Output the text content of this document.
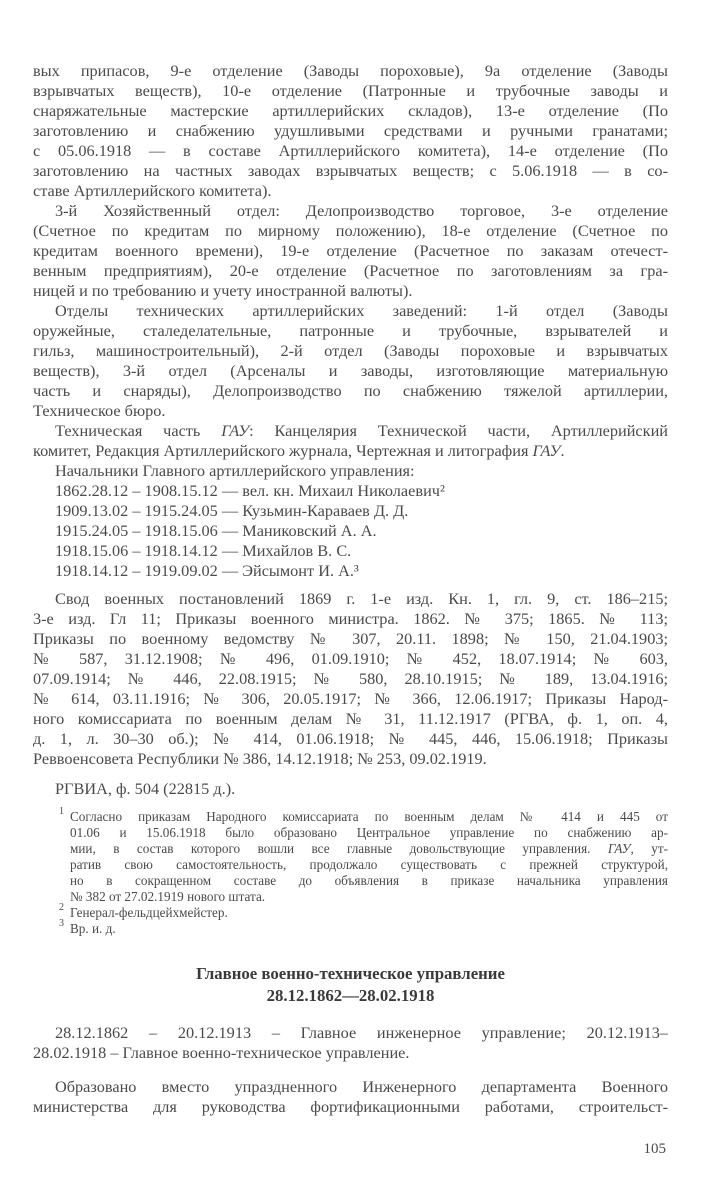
вых припасов, 9-е отделение (Заводы пороховые), 9а отделение (Заводы
взрывчатых веществ), 10-е отделение (Патронные и трубочные заводы и
снаряжательные мастерские артиллерийских складов), 13-е отделение (По
заготовлению и снабжению удушливыми средствами и ручными гранатами;
с 05.06.1918 — в составе Артиллерийского комитета), 14-е отделение (По
заготовлению на частных заводах взрывчатых веществ; с 5.06.1918 — в со-
ставе Артиллерийского комитета).
3-й Хозяйственный отдел: Делопроизводство торговое, 3-е отделение
(Счетное по кредитам по мирному положению), 18-е отделение (Счетное по
кредитам военного времени), 19-е отделение (Расчетное по заказам отечест-
венным предприятиям), 20-е отделение (Расчетное по заготовлениям за гра-
ницей и по требованию и учету иностранной валюты).
Отделы технических артиллерийских заведений: 1-й отдел (Заводы
оружейные, сталеделательные, патронные и трубочные, взрывателей и
гильз, машиностроительный), 2-й отдел (Заводы пороховые и взрывчатых
веществ), 3-й отдел (Арсеналы и заводы, изготовляющие материальную
часть и снаряды), Делопроизводство по снабжению тяжелой артиллерии,
Техническое бюро.
Техническая часть ГАУ: Канцелярия Технической части, Артиллерийский
комитет, Редакция Артиллерийского журнала, Чертежная и литография ГАУ.
Начальники Главного артиллерийского управления:
1862.28.12 – 1908.15.12 — вел. кн. Михаил Николаевич²
1909.13.02 – 1915.24.05 — Кузьмин-Караваев Д. Д.
1915.24.05 – 1918.15.06 — Маниковский А. А.
1918.15.06 – 1918.14.12 — Михайлов В. С.
1918.14.12 – 1919.09.02 — Эйсымонт И. А.³
Свод военных постановлений 1869 г. 1-е изд. Кн. 1, гл. 9, ст. 186–215;
3-е изд. Гл 11; Приказы военного министра. 1862. № 375; 1865. № 113;
Приказы по военному ведомству № 307, 20.11. 1898; № 150, 21.04.1903;
№ 587, 31.12.1908; № 496, 01.09.1910; № 452, 18.07.1914; № 603,
07.09.1914; № 446, 22.08.1915; № 580, 28.10.1915; № 189, 13.04.1916;
№ 614, 03.11.1916; № 306, 20.05.1917; № 366, 12.06.1917; Приказы Народ-
ного комиссариата по военным делам № 31, 11.12.1917 (РГВА, ф. 1, оп. 4,
д. 1, л. 30–30 об.); № 414, 01.06.1918; № 445, 446, 15.06.1918; Приказы
Реввоенсовета Республики № 386, 14.12.1918; № 253, 09.02.1919.
РГВИА, ф. 504 (22815 д.).
1 Согласно приказам Народного комиссариата по военным делам № 414 и 445 от
01.06 и 15.06.1918 было образовано Центральное управление по снабжению ар-
мии, в состав которого вошли все главные довольствующие управления. ГАУ, ут-
ратив свою самостоятельность, продолжало существовать с прежней структурой,
но в сокращенном составе до объявления в приказе начальника управления
№ 382 от 27.02.1919 нового штата.
2 Генерал-фельдцейхмейстер.
3 Вр. и. д.
Главное военно-техническое управление
28.12.1862—28.02.1918
28.12.1862 – 20.12.1913 – Главное инженерное управление; 20.12.1913–
28.02.1918 – Главное военно-техническое управление.
Образовано вместо упраздненного Инженерного департамента Военного
министерства для руководства фортификационными работами, строительст-
105
